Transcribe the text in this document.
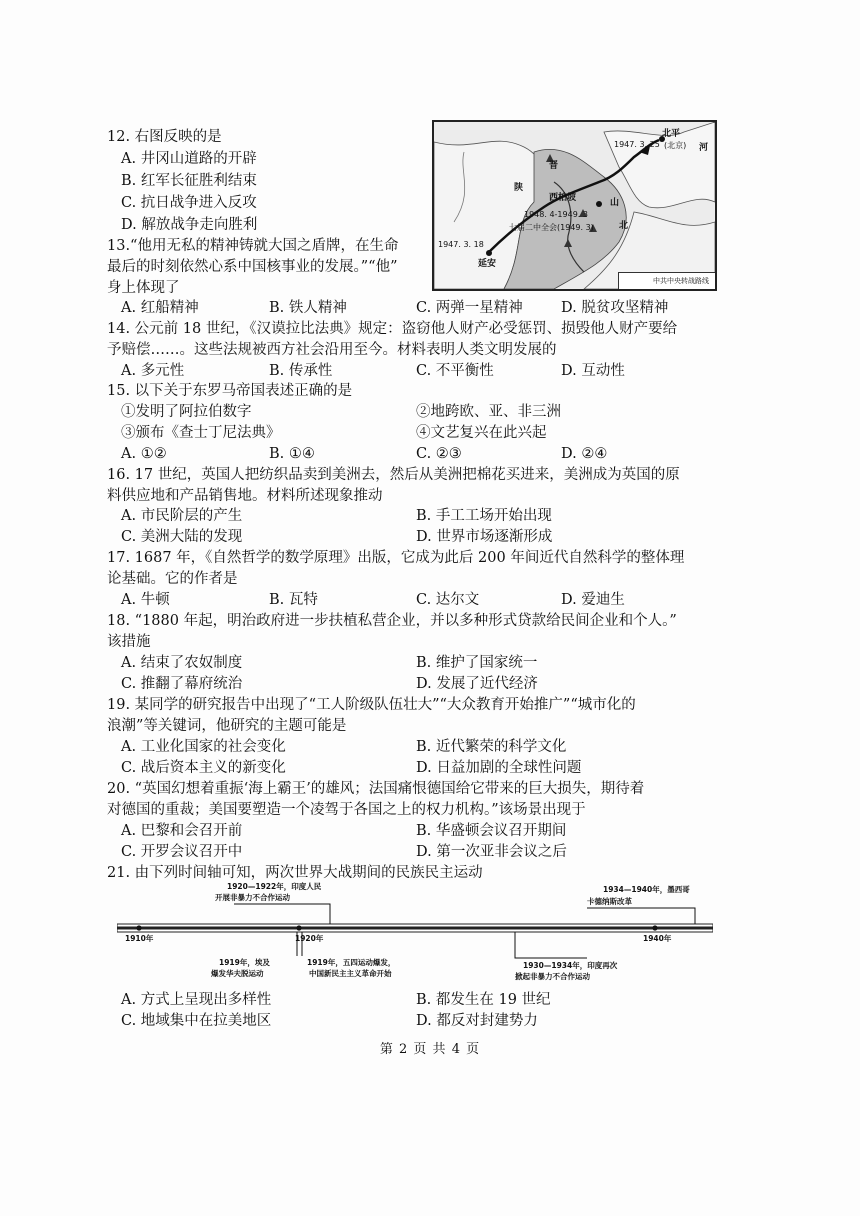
12. 右图反映的是
A. 井冈山道路的开辟
B. 红军长征胜利结束
C. 抗日战争进入反攻
D. 解放战争走向胜利
1947. 3. 25
北平
(北京)
西柏坡
1948. 4-1949. 3
七届二中全会(1949. 3)
1947. 3. 18
延安
陕
晋
河
北
山
中共中央转战路线
13.“他用无私的精神铸就大国之盾牌，在生命
最后的时刻依然心系中国核事业的发展。”“他”
身上体现了
A. 红船精神	B. 铁人精神	C. 两弹一星精神	D. 脱贫攻坚精神
14. 公元前 18 世纪，《汉谟拉比法典》规定：盗窃他人财产必受惩罚、损毁他人财产要给
予赔偿……。这些法规被西方社会沿用至今。材料表明人类文明发展的
A. 多元性	B. 传承性	C. 不平衡性	D. 互动性
15. 以下关于东罗马帝国表述正确的是
①发明了阿拉伯数字	②地跨欧、亚、非三洲
③颁布《查士丁尼法典》	④文艺复兴在此兴起
A. ①②	B. ①④	C. ②③	D. ②④
16. 17 世纪，英国人把纺织品卖到美洲去，然后从美洲把棉花买进来，美洲成为英国的原
料供应地和产品销售地。材料所述现象推动
A. 市民阶层的产生	B. 手工工场开始出现
C. 美洲大陆的发现	D. 世界市场逐渐形成
17. 1687 年，《自然哲学的数学原理》出版，它成为此后 200 年间近代自然科学的整体理
论基础。它的作者是
A. 牛顿	B. 瓦特	C. 达尔文	D. 爱迪生
18. “1880 年起，明治政府进一步扶植私营企业，并以多种形式贷款给民间企业和个人。”
该措施
A. 结束了农奴制度	B. 维护了国家统一
C. 推翻了幕府统治	D. 发展了近代经济
19. 某同学的研究报告中出现了“工人阶级队伍壮大”“大众教育开始推广”“城市化的
浪潮”等关键词，他研究的主题可能是
A. 工业化国家的社会变化	B. 近代繁荣的科学文化
C. 战后资本主义的新变化	D. 日益加剧的全球性问题
20. “英国幻想着重振‘海上霸王’的雄风；法国痛恨德国给它带来的巨大损失，期待着
对德国的重裁；美国要塑造一个凌驾于各国之上的权力机构。”该场景出现于
A. 巴黎和会召开前	B. 华盛顿会议召开期间
C. 开罗会议召开中	D. 第一次亚非会议之后
21. 由下列时间轴可知，两次世界大战期间的民族民主运动
1910年	1920年	1940年
1920—1922年，印度人民
开展非暴力不合作运动
1934—1940年，墨西哥
卡德纳斯改革
1919年，埃及
爆发华夫脱运动
1919年，五四运动爆发，
中国新民主主义革命开始
1930—1934年，印度再次
掀起非暴力不合作运动
A. 方式上呈现出多样性	B. 都发生在 19 世纪
C. 地域集中在拉美地区	D. 都反对封建势力
第 2 页 共 4 页
